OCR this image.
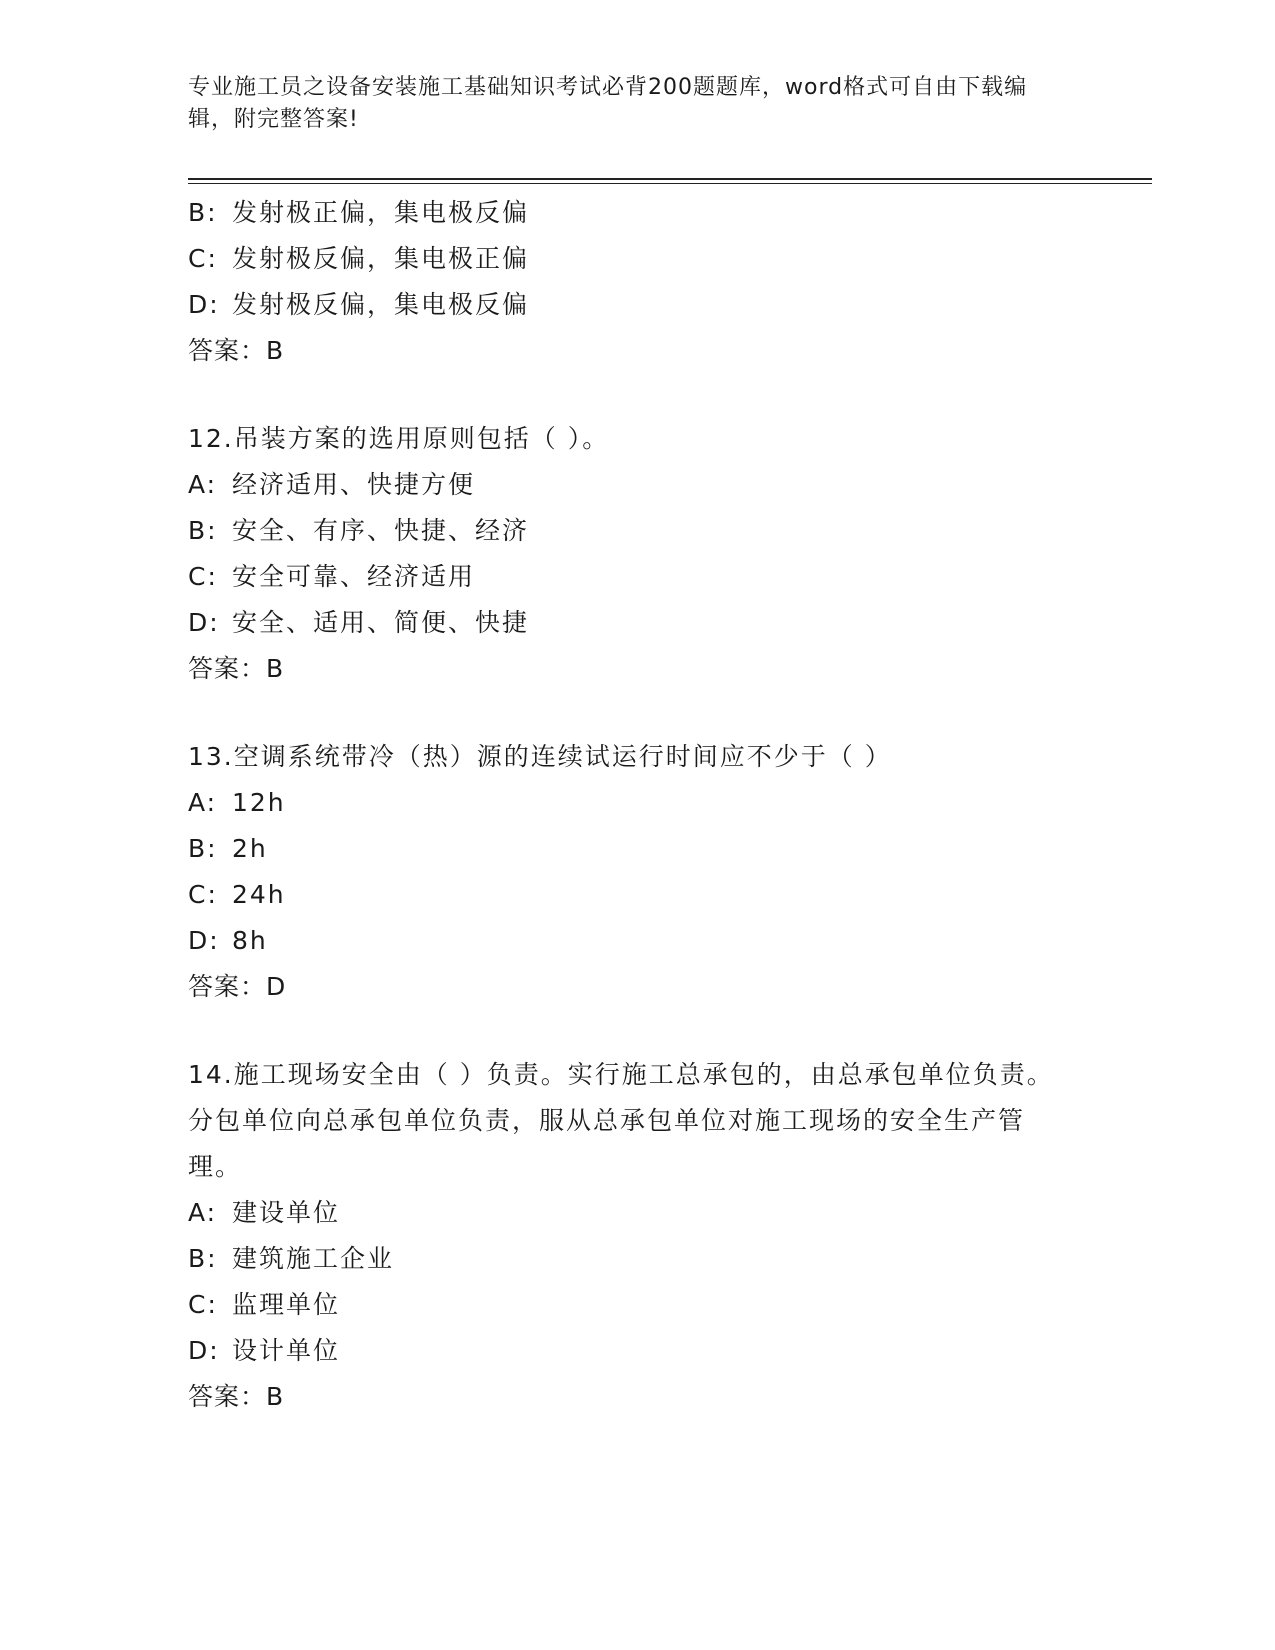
专业施工员之设备安装施工基础知识考试必背200题题库，word格式可自由下载编辑，附完整答案!
B: 发射极正偏，集电极反偏
C: 发射极反偏，集电极正偏
D: 发射极反偏，集电极反偏
答案：B
12.吊装方案的选用原则包括（ ）。
A: 经济适用、快捷方便
B: 安全、有序、快捷、经济
C: 安全可靠、经济适用
D: 安全、适用、简便、快捷
答案：B
13.空调系统带冷（热）源的连续试运行时间应不少于（ ）
A: 12h
B: 2h
C: 24h
D: 8h
答案：D
14.施工现场安全由（ ）负责。实行施工总承包的，由总承包单位负责。分包单位向总承包单位负责，服从总承包单位对施工现场的安全生产管理。
A: 建设单位
B: 建筑施工企业
C: 监理单位
D: 设计单位
答案：B
